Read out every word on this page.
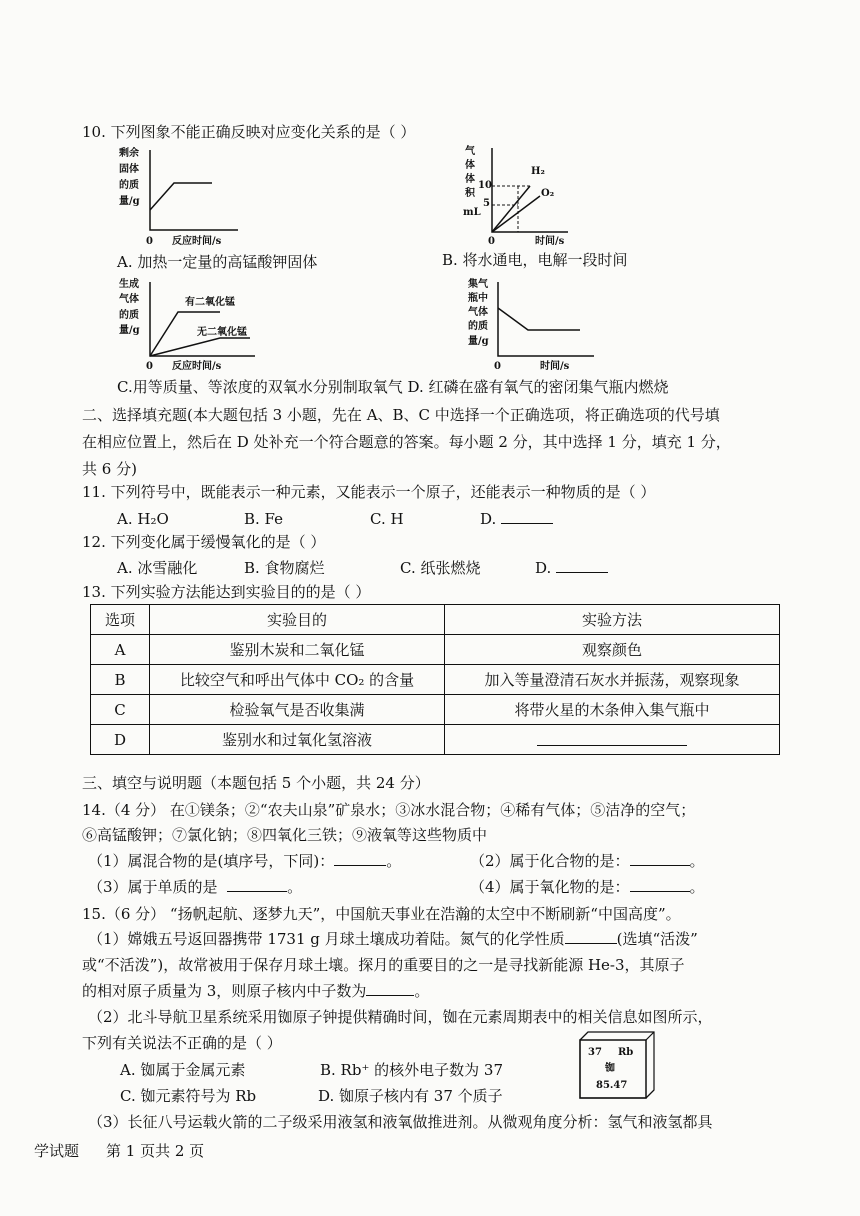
10. 下列图象不能正确反映对应变化关系的是（ ）
剩余
固体
的质
量/g
0 反应时间/s
气
体
体
积
mL
10
5
H₂
O₂
0	时间/s
A. 加热一定量的高锰酸钾固体	B. 将水通电，电解一段时间
生成
气体
的质
量/g
有二氧化锰
无二氧化锰
0 反应时间/s
集气
瓶中
气体
的质
量/g
0	时间/s
C.用等质量、等浓度的双氧水分别制取氧气 D. 红磷在盛有氧气的密闭集气瓶内燃烧
二、选择填充题(本大题包括 3 小题，先在 A、B、C 中选择一个正确选项，将正确选项的代号填
在相应位置上，然后在 D 处补充一个符合题意的答案。每小题 2 分，其中选择 1 分，填充 1 分，
共 6 分)
11. 下列符号中，既能表示一种元素，又能表示一个原子，还能表示一种物质的是（ ）
A. H₂O	B. Fe	C. H	D.
12. 下列变化属于缓慢氧化的是（ ）
A. 冰雪融化	B. 食物腐烂	C. 纸张燃烧	D.
13. 下列实验方法能达到实验目的的是（ ）
选项	实验目的	实验方法
A	鉴别木炭和二氧化锰	观察颜色
B	比较空气和呼出气体中 CO₂ 的含量	加入等量澄清石灰水并振荡，观察现象
C	检验氧气是否收集满	将带火星的木条伸入集气瓶中
D	鉴别水和过氧化氢溶液	
三、填空与说明题（本题包括 5 个小题，共 24 分）
14.（4 分） 在①镁条；②“农夫山泉”矿泉水；③冰水混合物；④稀有气体；⑤洁净的空气；
⑥高锰酸钾；⑦氯化钠；⑧四氧化三铁；⑨液氧等这些物质中
（1）属混合物的是(填序号，下同)：	。	（2）属于化合物的是：	。
（3）属于单质的是	。	（4）属于氧化物的是：	。
15.（6 分） “扬帆起航、逐梦九天”，中国航天事业在浩瀚的太空中不断刷新“中国高度”。
（1）嫦娥五号返回器携带 1731 g 月球土壤成功着陆。氮气的化学性质	(选填“活泼”
或“不活泼”)，故常被用于保存月球土壤。探月的重要目的之一是寻找新能源 He-3，其原子
的相对原子质量为 3，则原子核内中子数为	。
（2）北斗导航卫星系统采用铷原子钟提供精确时间，铷在元素周期表中的相关信息如图所示，
下列有关说法不正确的是（ ）
A. 铷属于金属元素	B. Rb⁺ 的核外电子数为 37
C. 铷元素符号为 Rb	D. 铷原子核内有 37 个质子
37 Rb
铷
85.47
（3）长征八号运载火箭的二子级采用液氢和液氧做推进剂。从微观角度分析：氢气和液氢都具
学试题 第 1 页共 2 页
